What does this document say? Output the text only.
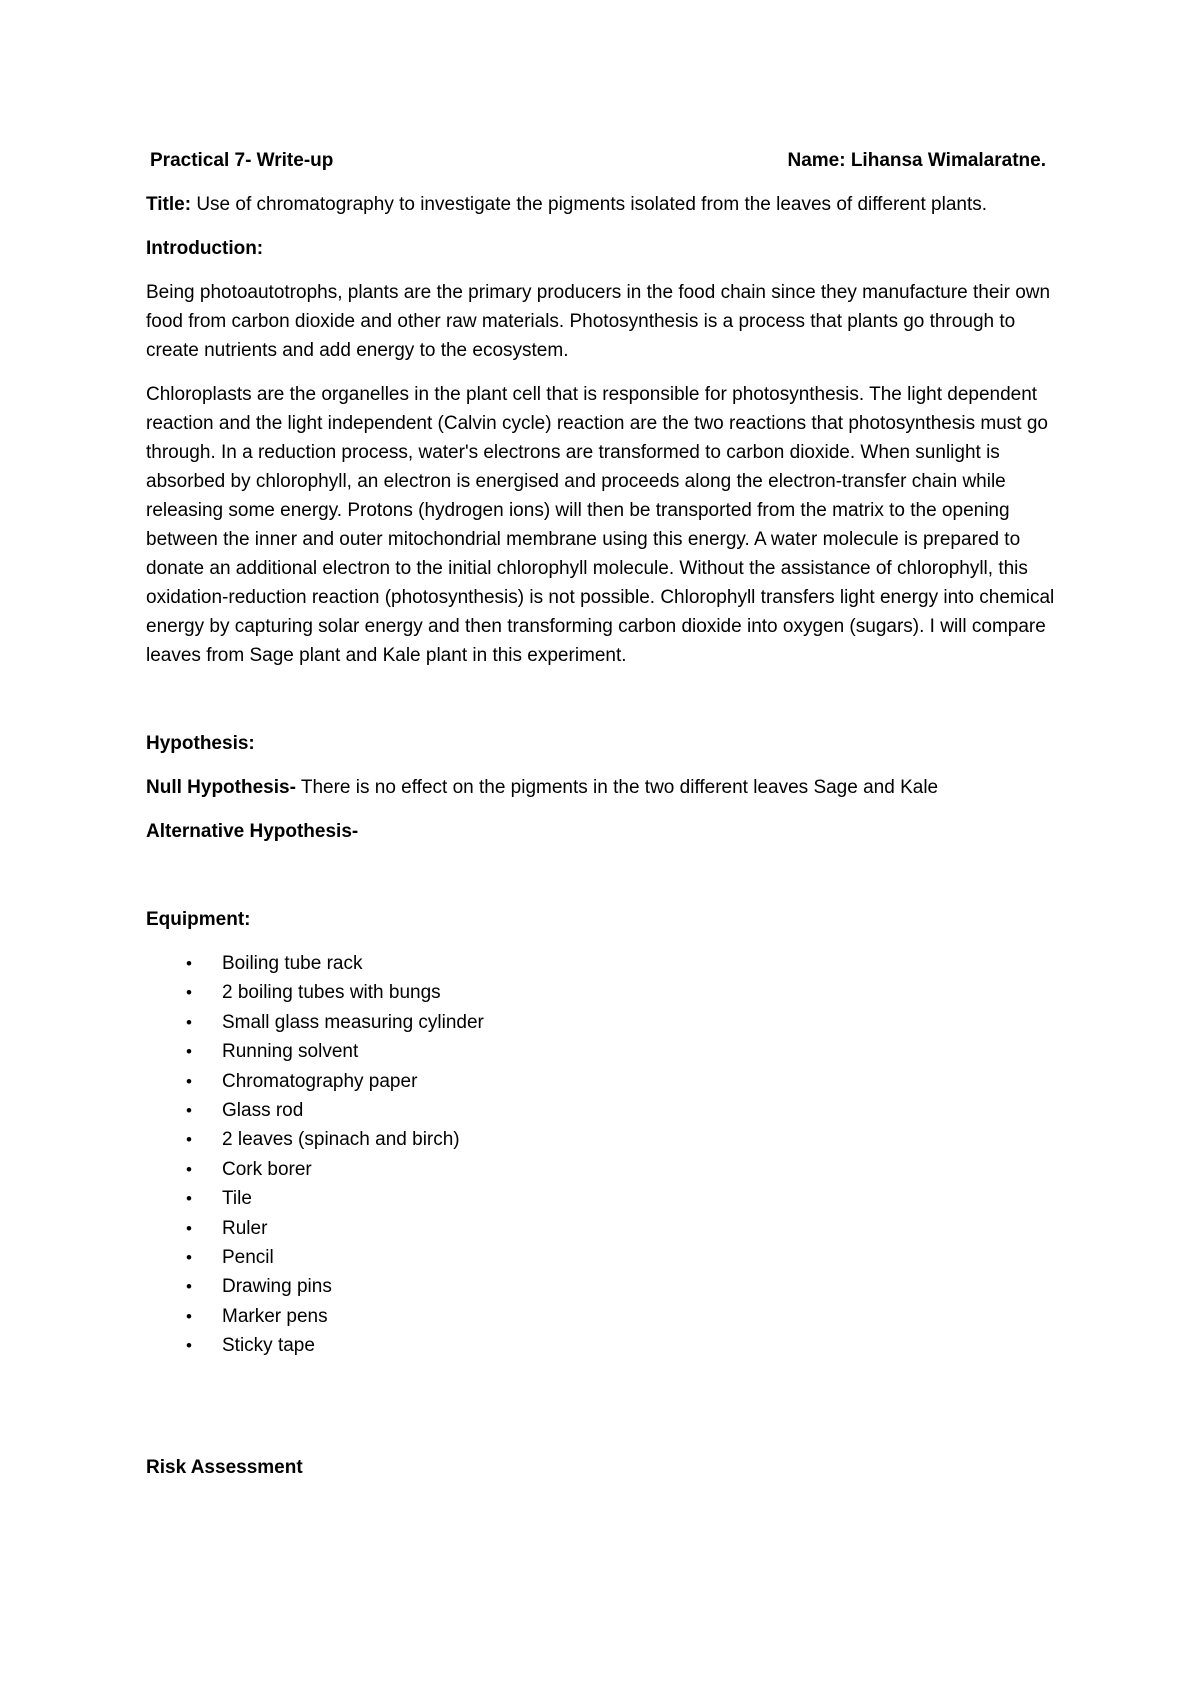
Practical 7- Write-up	Name: Lihansa Wimalaratne.

Title: Use of chromatography to investigate the pigments isolated from the leaves of different plants.

Introduction:

Being photoautotrophs, plants are the primary producers in the food chain since they manufacture their own food from carbon dioxide and other raw materials. Photosynthesis is a process that plants go through to create nutrients and add energy to the ecosystem.

Chloroplasts are the organelles in the plant cell that is responsible for photosynthesis. The light dependent reaction and the light independent (Calvin cycle) reaction are the two reactions that photosynthesis must go through. In a reduction process, water's electrons are transformed to carbon dioxide. When sunlight is absorbed by chlorophyll, an electron is energised and proceeds along the electron-transfer chain while releasing some energy. Protons (hydrogen ions) will then be transported from the matrix to the opening between the inner and outer mitochondrial membrane using this energy. A water molecule is prepared to donate an additional electron to the initial chlorophyll molecule. Without the assistance of chlorophyll, this oxidation-reduction reaction (photosynthesis) is not possible. Chlorophyll transfers light energy into chemical energy by capturing solar energy and then transforming carbon dioxide into oxygen (sugars). I will compare leaves from Sage plant and Kale plant in this experiment.

Hypothesis:

Null Hypothesis- There is no effect on the pigments in the two different leaves Sage and Kale

Alternative Hypothesis-

Equipment:

• Boiling tube rack
• 2 boiling tubes with bungs
• Small glass measuring cylinder
• Running solvent
• Chromatography paper
• Glass rod
• 2 leaves (spinach and birch)
• Cork borer
• Tile
• Ruler
• Pencil
• Drawing pins
• Marker pens
• Sticky tape

Risk Assessment
